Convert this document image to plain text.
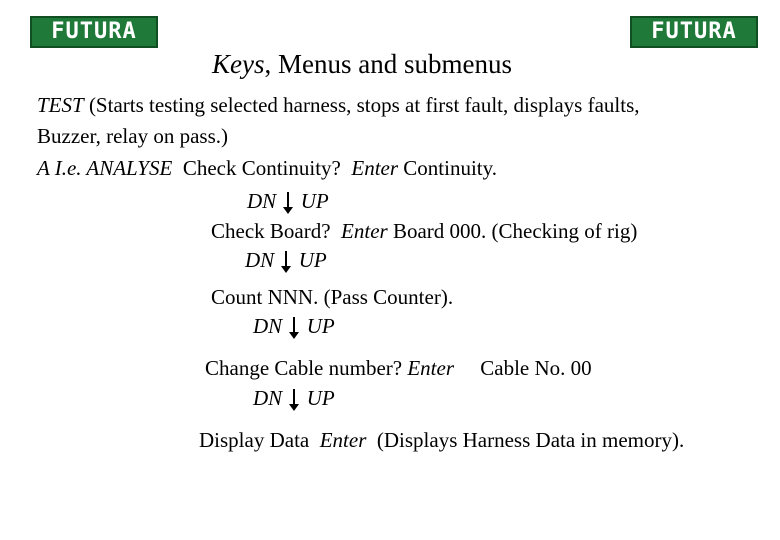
FUTURA	FUTURA
Keys, Menus and submenus
TEST (Starts testing selected harness, stops at first fault, displays faults,
Buzzer, relay on pass.)
A I.e. ANALYSE Check Continuity? Enter Continuity.
DN UP
Check Board? Enter Board 000. (Checking of rig)
DN UP
Count NNN. (Pass Counter).
DN UP
Change Cable number? Enter Cable No. 00
DN UP
Display Data Enter (Displays Harness Data in memory).
